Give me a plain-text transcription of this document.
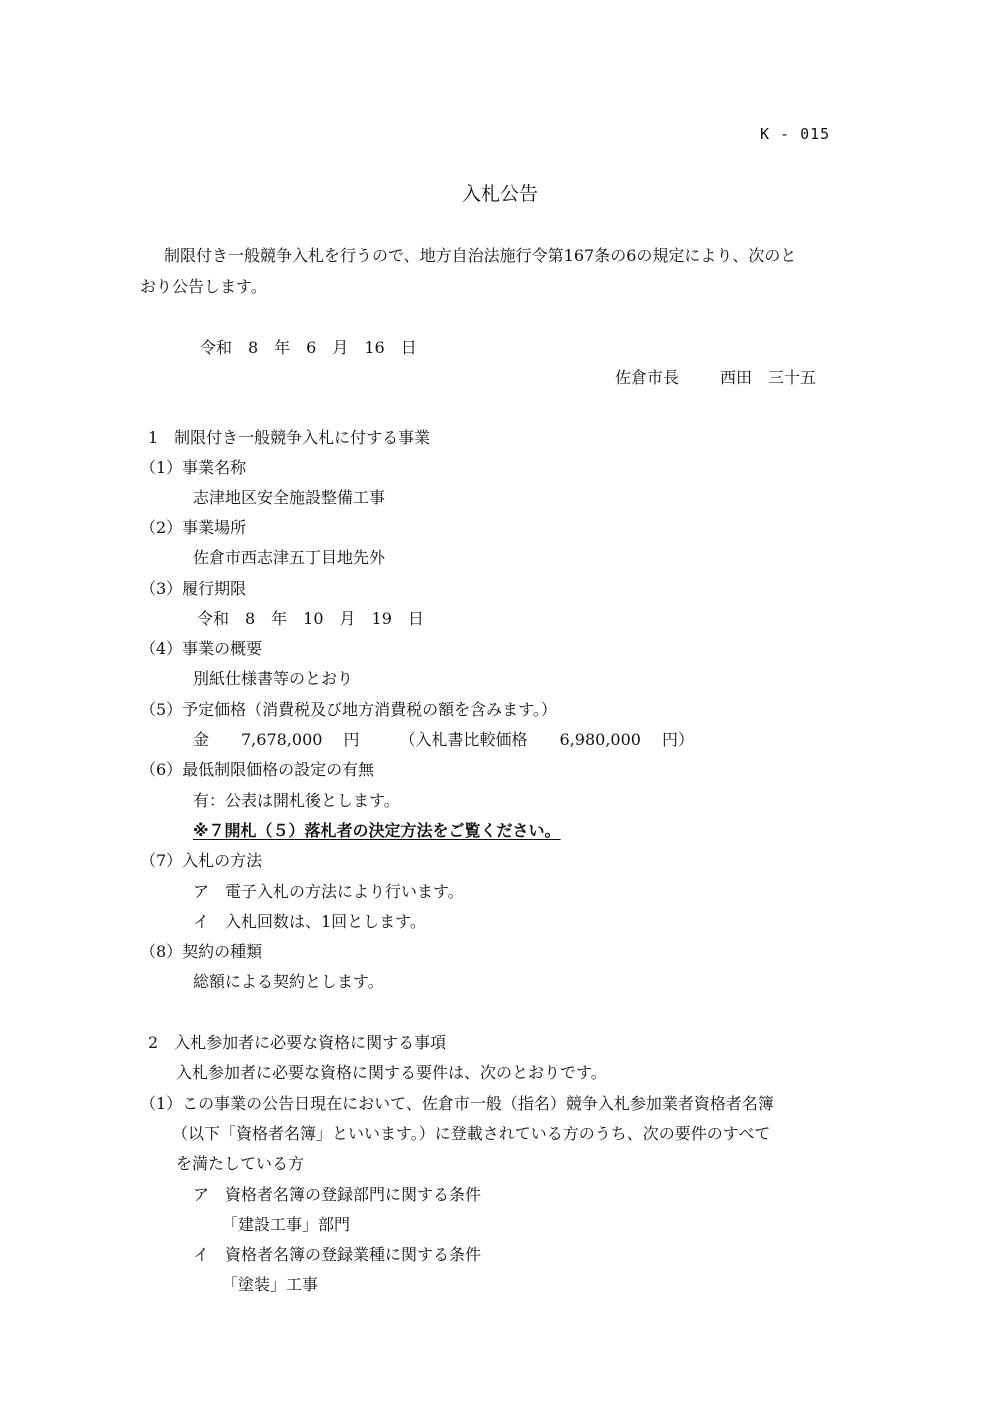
K - 015
入札公告
制限付き一般競争入札を行うので、地方自治法施行令第167条の6の規定により、次のと
おり公告します。
令和　8　年　6　月　16　日
佐倉市長	西田　三十五
1　制限付き一般競争入札に付する事業
（1）事業名称
志津地区安全施設整備工事
（2）事業場所
佐倉市西志津五丁目地先外
（3）履行期限
令和　8　年　10　月　19　日
（4）事業の概要
別紙仕様書等のとおり
（5）予定価格（消費税及び地方消費税の額を含みます。）
金　　7,678,000　 円　　　（入札書比較価格　　6,980,000　 円）
（6）最低制限価格の設定の有無
有：公表は開札後とします。
※７開札（５）落札者の決定方法をご覧ください。
（7）入札の方法
ア　電子入札の方法により行います。
イ　入札回数は、1回とします。
（8）契約の種類
総額による契約とします。
2　入札参加者に必要な資格に関する事項
入札参加者に必要な資格に関する要件は、次のとおりです。
（1）この事業の公告日現在において、佐倉市一般（指名）競争入札参加業者資格者名簿
（以下「資格者名簿」といいます。）に登載されている方のうち、次の要件のすべて
を満たしている方
ア　資格者名簿の登録部門に関する条件
「建設工事」部門
イ　資格者名簿の登録業種に関する条件
「塗装」工事
